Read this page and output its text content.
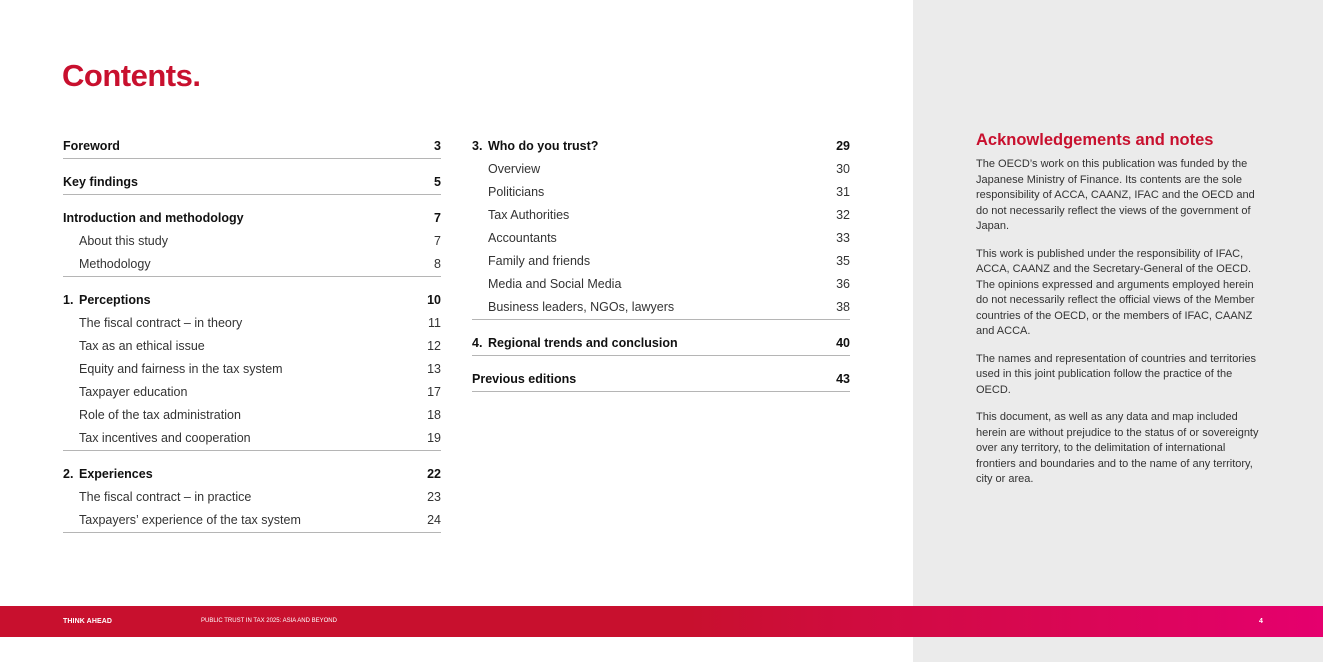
Contents.
Foreword	3
Key findings	5
Introduction and methodology	7
About this study	7
Methodology	8
1. Perceptions	10
The fiscal contract – in theory	11
Tax as an ethical issue	12
Equity and fairness in the tax system	13
Taxpayer education	17
Role of the tax administration	18
Tax incentives and cooperation	19
2. Experiences	22
The fiscal contract – in practice	23
Taxpayers’ experience of the tax system	24
3. Who do you trust?	29
Overview	30
Politicians	31
Tax Authorities	32
Accountants	33
Family and friends	35
Media and Social Media	36
Business leaders, NGOs, lawyers	38
4. Regional trends and conclusion	40
Previous editions	43
Acknowledgements and notes

The OECD’s work on this publication was funded by the Japanese Ministry of Finance. Its contents are the sole responsibility of ACCA, CAANZ, IFAC and the OECD and do not necessarily reflect the views of the government of Japan.

This work is published under the responsibility of IFAC, ACCA, CAANZ and the Secretary-General of the OECD. The opinions expressed and arguments employed herein do not necessarily reflect the official views of the Member countries of the OECD, or the members of IFAC, CAANZ and ACCA.

The names and representation of countries and territories used in this joint publication follow the practice of the OECD.

This document, as well as any data and map included herein are without prejudice to the status of or sovereignty over any territory, to the delimitation of international frontiers and boundaries and to the name of any territory, city or area.

THINK AHEAD	PUBLIC TRUST IN TAX 2025: ASIA AND BEYOND	4
